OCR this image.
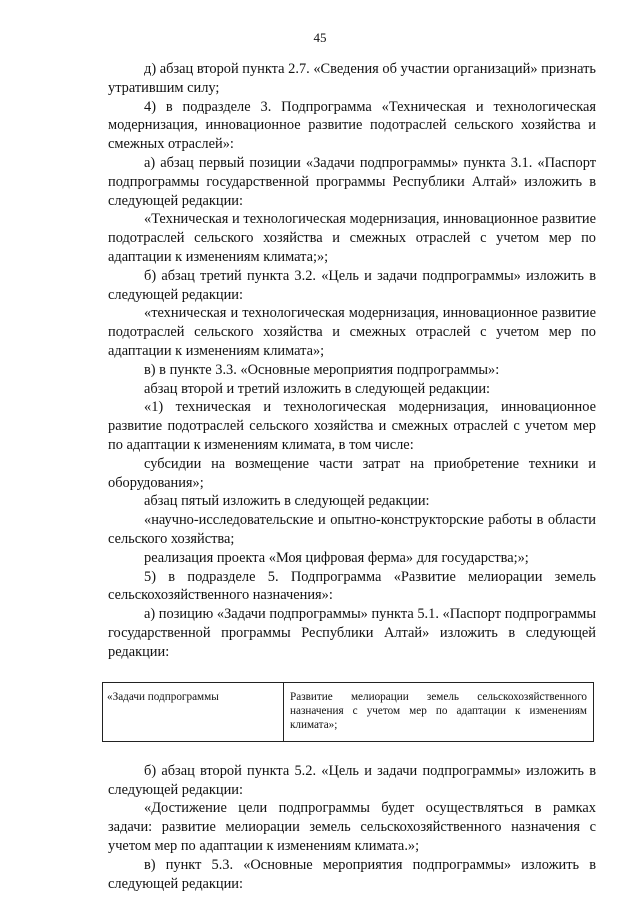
45

д) абзац второй пункта 2.7. «Сведения об участии организаций» признать утратившим силу;

4) в подразделе 3. Подпрограмма «Техническая и технологическая модернизация, инновационное развитие подотраслей сельского хозяйства и смежных отраслей»:

а) абзац первый позиции «Задачи подпрограммы» пункта 3.1. «Паспорт подпрограммы государственной программы Республики Алтай» изложить в следующей редакции:

«Техническая и технологическая модернизация, инновационное развитие подотраслей сельского хозяйства и смежных отраслей с учетом мер по адаптации к изменениям климата;»;

б) абзац третий пункта 3.2. «Цель и задачи подпрограммы» изложить в следующей редакции:

«техническая и технологическая модернизация, инновационное развитие подотраслей сельского хозяйства и смежных отраслей с учетом мер по адаптации к изменениям климата»;

в) в пункте 3.3. «Основные мероприятия подпрограммы»:

абзац второй и третий изложить в следующей редакции:

«1) техническая и технологическая модернизация, инновационное развитие подотраслей сельского хозяйства и смежных отраслей с учетом мер по адаптации к изменениям климата, в том числе:

субсидии на возмещение части затрат на приобретение техники и оборудования»;

абзац пятый изложить в следующей редакции:

«научно-исследовательские и опытно-конструкторские работы в области сельского хозяйства;

реализация проекта «Моя цифровая ферма» для государства;»;

5) в подразделе 5. Подпрограмма «Развитие мелиорации земель сельскохозяйственного назначения»:

а) позицию «Задачи подпрограммы» пункта 5.1. «Паспорт подпрограммы государственной программы Республики Алтай» изложить в следующей редакции:

«Задачи подпрограммы	Развитие мелиорации земель сельскохозяйственного назначения с учетом мер по адаптации к изменениям климата»;

б) абзац второй пункта 5.2. «Цель и задачи подпрограммы» изложить в следующей редакции:

«Достижение цели подпрограммы будет осуществляться в рамках задачи: развитие мелиорации земель сельскохозяйственного назначения с учетом мер по адаптации к изменениям климата.»;

в) пункт 5.3. «Основные мероприятия подпрограммы» изложить в следующей редакции:
